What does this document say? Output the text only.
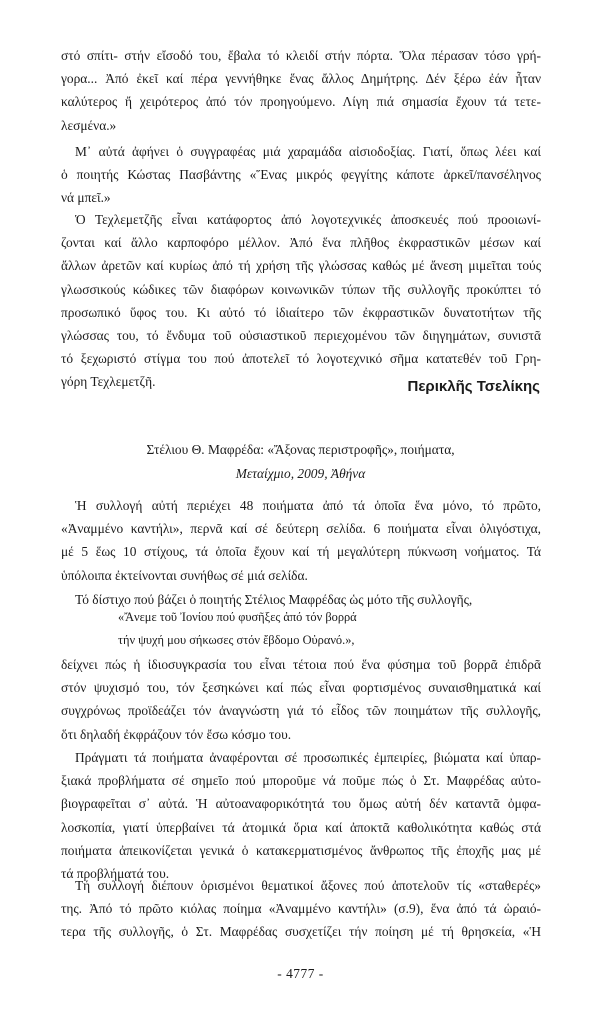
στό σπίτι- στήν εἴσοδό του, ἔβαλα τό κλειδί στήν πόρτα. Ὅλα πέρασαν τόσο γρή-
γορα... Ἀπό ἐκεῖ καί πέρα γεννήθηκε ἕνας ἄλλος Δημήτρης. Δέν ξέρω ἐάν ἦταν
καλύτερος ἤ χειρότερος ἀπό τόν προηγούμενο. Λίγη πιά σημασία ἔχουν τά τετε-
λεσμένα.»
Μ᾽ αὐτά ἀφήνει ὁ συγγραφέας μιά χαραμάδα αἰσιοδοξίας. Γιατί, ὅπως λέει καί
ὁ ποιητής Κώστας Πασβάντης «Ἕνας μικρός φεγγίτης κάποτε ἀρκεῖ/πανσέληνος
νά μπεῖ.»
Ὁ Τεχλεμετζῆς εἶναι κατάφορτος ἀπό λογοτεχνικές ἀποσκευές πού προοιωνί-
ζονται καί ἄλλο καρποφόρο μέλλον. Ἀπό ἕνα πλῆθος ἐκφραστικῶν μέσων καί
ἄλλων ἀρετῶν καί κυρίως ἀπό τή χρήση τῆς γλώσσας καθώς μέ ἄνεση μιμεῖται τούς
γλωσσικούς κώδικες τῶν διαφόρων κοινωνικῶν τύπων τῆς συλλογῆς προκύπτει τό
προσωπικό ὕφος του. Κι αὐτό τό ἰδιαίτερο τῶν ἐκφραστικῶν δυνατοτήτων τῆς
γλώσσας του, τό ἔνδυμα τοῦ οὐσιαστικοῦ περιεχομένου τῶν διηγημάτων, συνιστᾶ
τό ξεχωριστό στίγμα του πού ἀποτελεῖ τό λογοτεχνικό σῆμα κατατεθέν τοῦ Γρη-
γόρη Τεχλεμετζῆ.	Περικλῆς Τσελίκης
Στέλιου Θ. Μαφρέδα: «Ἄξονας περιστροφῆς», ποιήματα,
Μεταίχμιο, 2009, Ἀθήνα
Ἡ συλλογή αὐτή περιέχει 48 ποιήματα ἀπό τά ὁποῖα ἕνα μόνο, τό πρῶτο,
«Ἀναμμένο καντήλι», περνᾶ καί σέ δεύτερη σελίδα. 6 ποιήματα εἶναι ὀλιγόστιχα,
μέ 5 ἕως 10 στίχους, τά ὁποῖα ἔχουν καί τή μεγαλύτερη πύκνωση νοήματος. Τά
ὑπόλοιπα ἐκτείνονται συνήθως σέ μιά σελίδα.
Τό δίστιχο πού βάζει ὁ ποιητής Στέλιος Μαφρέδας ὡς μότο τῆς συλλογῆς,
«Ἄνεμε τοῦ Ἰονίου πού φυσῆξες ἀπό τόν βορρά
τήν ψυχή μου σήκωσες στόν ἔβδομο Οὐρανό.»,
δείχνει πώς ἡ ἰδιοσυγκρασία του εἶναι τέτοια πού ἕνα φύσημα τοῦ βορρᾶ ἐπιδρᾶ
στόν ψυχισμό του, τόν ξεσηκώνει καί πώς εἶναι φορτισμένος συναισθηματικά καί
συγχρόνως προϊδεάζει τόν ἀναγνώστη γιά τό εἶδος τῶν ποιημάτων τῆς συλλογῆς,
ὅτι δηλαδή ἐκφράζουν τόν ἔσω κόσμο του.
Πράγματι τά ποιήματα ἀναφέρονται σέ προσωπικές ἐμπειρίες, βιώματα καί ὑπαρ-
ξιακά προβλήματα σέ σημεῖο πού μποροῦμε νά ποῦμε πώς ὁ Στ. Μαφρέδας αὐτο-
βιογραφεῖται σ᾽ αὐτά. Ἡ αὐτοαναφορικότητά του ὅμως αὐτή δέν καταντᾶ ὀμφα-
λοσκοπία, γιατί ὑπερβαίνει τά ἀτομικά ὅρια καί ἀποκτᾶ καθολικότητα καθώς στά
ποιήματα ἀπεικονίζεται γενικά ὁ κατακερματισμένος ἄνθρωπος τῆς ἐποχῆς μας μέ
τά προβλήματά του.
Τή συλλογή διέπουν ὁρισμένοι θεματικοί ἄξονες πού ἀποτελοῦν τίς «σταθερές»
της. Ἀπό τό πρῶτο κιόλας ποίημα «Ἀναμμένο καντήλι» (σ.9), ἕνα ἀπό τά ὡραιό-
τερα τῆς συλλογῆς, ὁ Στ. Μαφρέδας συσχετίζει τήν ποίηση μέ τή θρησκεία, «Ἡ
- 4777 -
